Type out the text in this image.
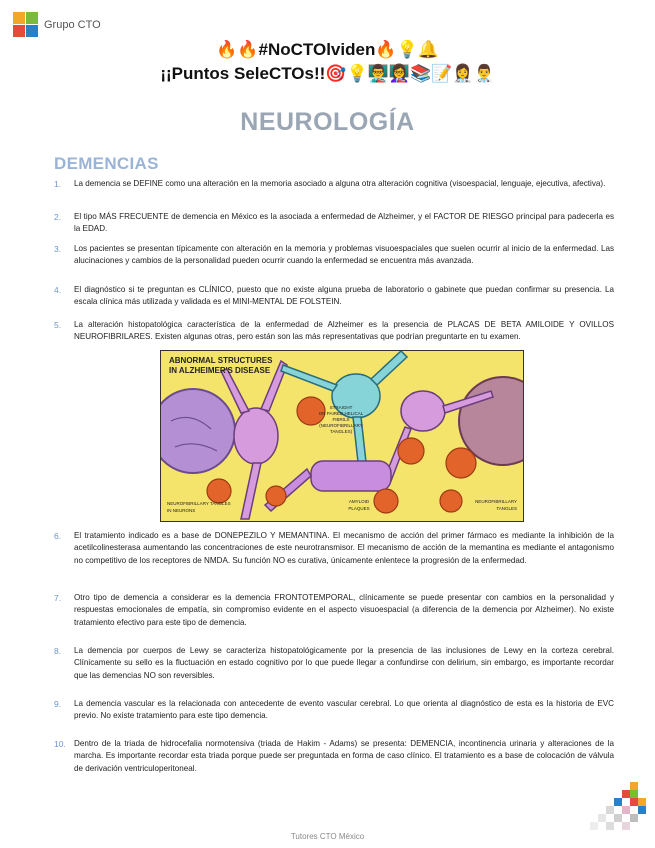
Grupo CTO
🔥🔥#NoCTOlviden🔥💡🔔
¡¡Puntos SeleCTOs!!🎯💡👨‍🏫👩‍🏫📚📝👩‍⚕️👨‍⚕️
NEUROLOGÍA
DEMENCIAS
1. La demencia se DEFINE como una alteración en la memoria asociado a alguna otra alteración cognitiva (visoespacial, lenguaje, ejecutiva, afectiva).
2. El tipo MÁS FRECUENTE de demencia en México es la asociada a enfermedad de Alzheimer, y el FACTOR DE RIESGO principal para padecerla es la EDAD.
3. Los pacientes se presentan típicamente con alteración en la memoria y problemas visuoespaciales que suelen ocurrir al inicio de la enfermedad. Las alucinaciones y cambios de la personalidad pueden ocurrir cuando la enfermedad se encuentra más avanzada.
4. El diagnóstico si te preguntan es CLÍNICO, puesto que no existe alguna prueba de laboratorio o gabinete que puedan confirmar su presencia. La escala clínica más utilizada y validada es el MINI-MENTAL DE FOLSTEIN.
5. La alteración histopatológica característica de la enfermedad de Alzheimer es la presencia de PLACAS DE BETA AMILOIDE Y OVILLOS NEUROFIBRILARES. Existen algunas otras, pero están son las más representativas que podrían preguntarte en tu examen.
ABNORMAL STRUCTURES
IN ALZHEIMER'S DISEASE
STRAIGHT
OR PAIRED HELICAL
FIBRILS
(NEUROFIBRILLARY
TANGLES)
NEUROFIBRILLARY TANGLES
IN NEURONS
AMYLOID
PLAQUES
NEUROFIBRILLARY
TANGLES
6. El tratamiento indicado es a base de DONEPEZILO Y MEMANTINA. El mecanismo de acción del primer fármaco es mediante la inhibición de la acetilcolinesterasa aumentando las concentraciones de este neurotransmisor. El mecanismo de acción de la memantina es mediante el antagonismo no competitivo de los receptores de NMDA. Su función NO es curativa, únicamente enlentece la progresión de la enfermedad.
7. Otro tipo de demencia a considerar es la demencia FRONTOTEMPORAL, clínicamente se puede presentar con cambios en la personalidad y respuestas emocionales de empatía, sin compromiso evidente en el aspecto visuoespacial (a diferencia de la demencia por Alzheimer). No existe tratamiento efectivo para este tipo de demencia.
8. La demencia por cuerpos de Lewy se caracteriza histopatológicamente por la presencia de las inclusiones de Lewy en la corteza cerebral. Clínicamente su sello es la fluctuación en estado cognitivo por lo que puede llegar a confundirse con delirium, sin embargo, es importante recordar que las demencias NO son reversibles.
9. La demencia vascular es la relacionada con antecedente de evento vascular cerebral. Lo que orienta al diagnóstico de esta es la historia de EVC previo. No existe tratamiento para este tipo demencia.
10. Dentro de la triada de hidrocefalia normotensiva (triada de Hakim - Adams) se presenta: DEMENCIA, incontinencia urinaria y alteraciones de la marcha. Es importante recordar esta triada porque puede ser preguntada en forma de caso clínico. El tratamiento es a base de colocación de válvula de derivación ventriculoperitoneal.
Tutores CTO México
